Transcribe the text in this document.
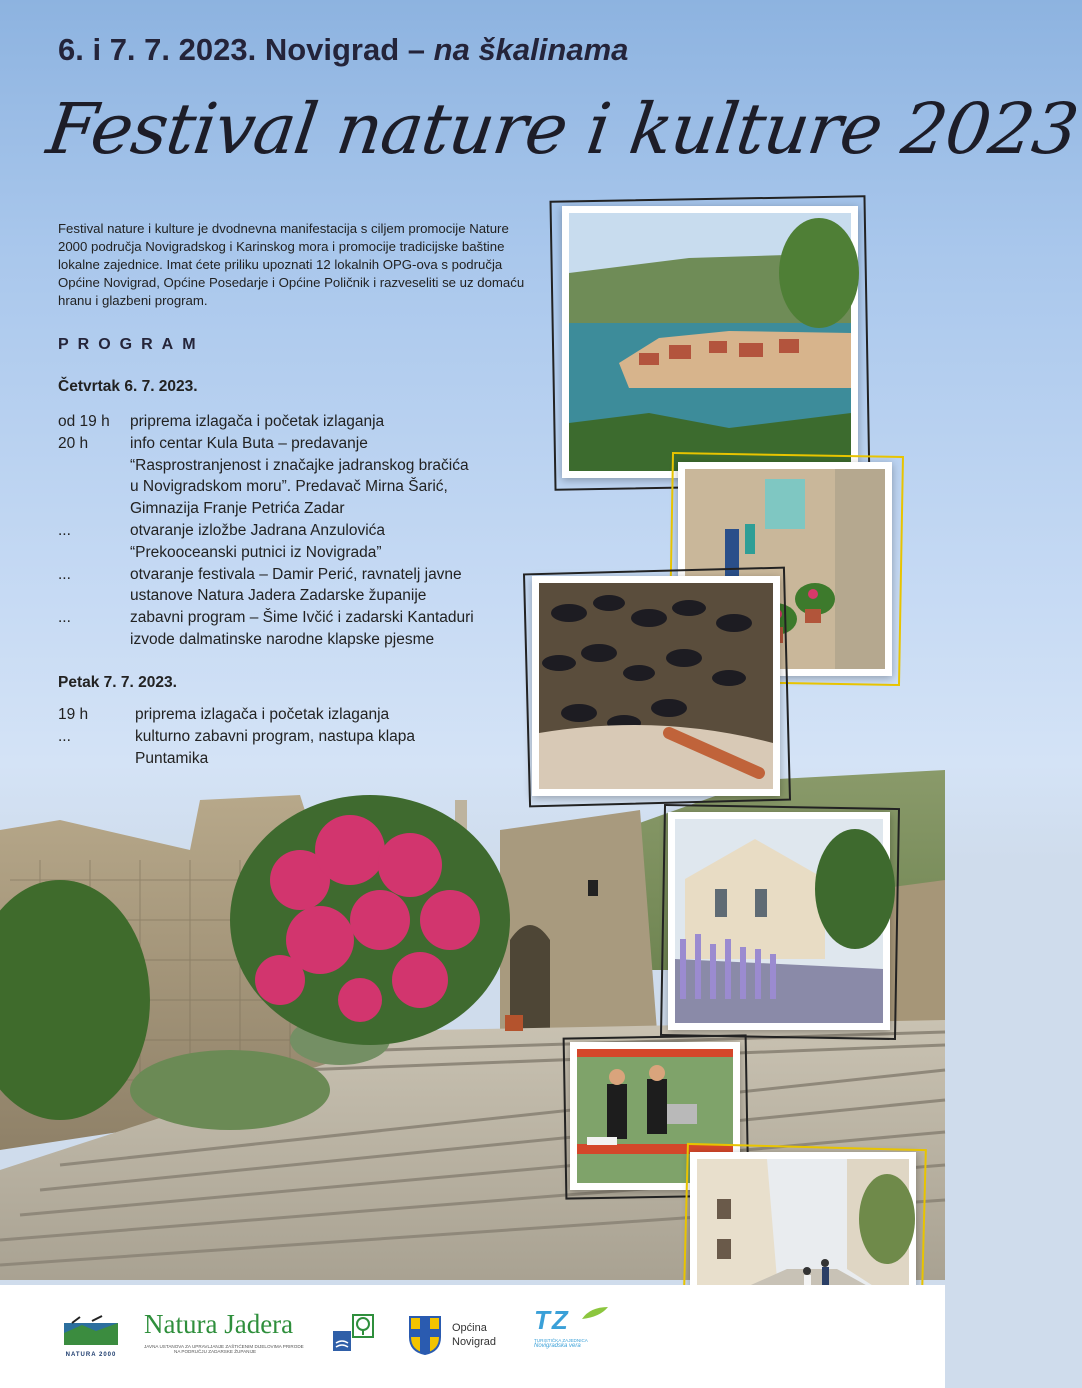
6. i 7. 7. 2023. Novigrad – na škalinama
Festival nature i kulture 2023
Festival nature i kulture je dvodnevna manifestacija s ciljem promocije Nature 2000 područja Novigradskog i Karinskog mora i promocije tradicijske baštine lokalne zajednice. Imat ćete priliku upoznati 12 lokalnih OPG-ova s područja Općine Novigrad, Općine Posedarje i Općine Poličnik i razveseliti se uz domaću hranu i glazbeni program.
PROGRAM
Četvrtak 6. 7. 2023.
od 19 h	priprema izlagača i početak izlaganja
20 h	info centar Kula Buta – predavanje
“Rasprostranjenost i značajke jadranskog bračića
u Novigradskom moru”. Predavač Mirna Šarić,
Gimnazija Franje Petrića Zadar
...	otvaranje izložbe Jadrana Anzulovića
“Prekooceanski putnici iz Novigrada”
...	otvaranje festivala – Damir Perić, ravnatelj javne
ustanove Natura Jadera Zadarske županije
...	zabavni program – Šime Ivčić i zadarski Kantaduri
izvode dalmatinske narodne klapske pjesme
Petak 7. 7. 2023.
19 h	priprema izlagača i početak izlaganja
...	kulturno zabavni program, nastupa klapa
Puntamika
NATURA 2000
Natura Jadera
JAVNA USTANOVA ZA UPRAVLJANJE ZAŠTIĆENIM DIJELOVIMA PRIRODE
NA PODRUČJU ZADARSKE ŽUPANIJE
Općina
Novigrad
TZ
TURISTIČKA ZAJEDNICA
Novigradska vera
